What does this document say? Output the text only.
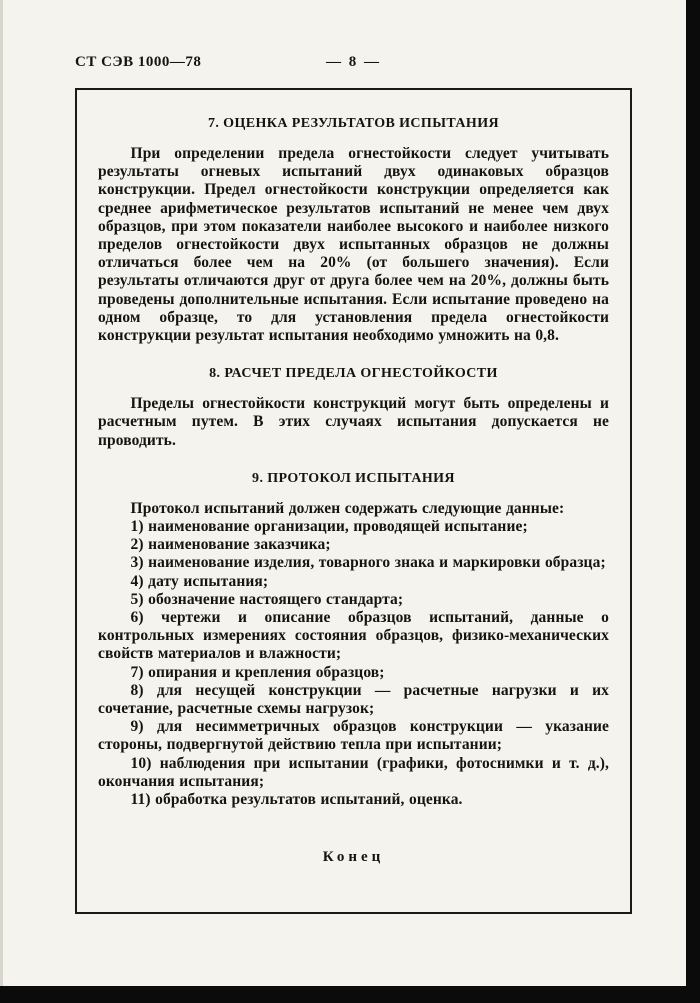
СТ СЭВ 1000—78	— 8 —
7. ОЦЕНКА РЕЗУЛЬТАТОВ ИСПЫТАНИЯ

При определении предела огнестойкости следует учитывать результаты огневых испытаний двух одинаковых образцов конструкции. Предел огнестойкости конструкции определяется как среднее арифметическое результатов испытаний не менее чем двух образцов, при этом показатели наиболее высокого и наиболее низкого пределов огнестойкости двух испытанных образцов не должны отличаться более чем на 20% (от большего значения). Если результаты отличаются друг от друга более чем на 20%, должны быть проведены дополнительные испытания. Если испытание проведено на одном образце, то для установления предела огнестойкости конструкции результат испытания необходимо умножить на 0,8.

8. РАСЧЕТ ПРЕДЕЛА ОГНЕСТОЙКОСТИ

Пределы огнестойкости конструкций могут быть определены и расчетным путем. В этих случаях испытания допускается не проводить.

9. ПРОТОКОЛ ИСПЫТАНИЯ

Протокол испытаний должен содержать следующие данные:

1) наименование организации, проводящей испытание;

2) наименование заказчика;

3) наименование изделия, товарного знака и маркировки образца;

4) дату испытания;

5) обозначение настоящего стандарта;

6) чертежи и описание образцов испытаний, данные о контрольных измерениях состояния образцов, физико-механических свойств материалов и влажности;

7) опирания и крепления образцов;

8) для несущей конструкции — расчетные нагрузки и их сочетание, расчетные схемы нагрузок;

9) для несимметричных образцов конструкции — указание стороны, подвергнутой действию тепла при испытании;

10) наблюдения при испытании (графики, фотоснимки и т. д.), окончания испытания;

11) обработка результатов испытаний, оценка.

Конец
